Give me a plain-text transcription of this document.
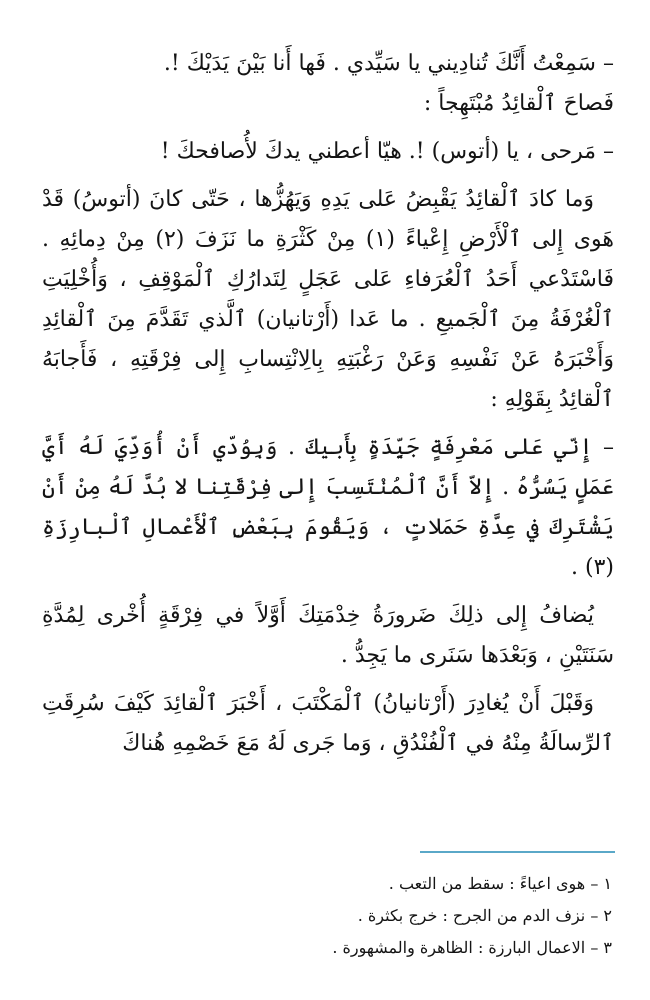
– سَمِعْتُ أَنَّكَ تُنادِيني يا سَيِّدي . فَها أَنا بَيْنَ يَدَيْكَ !.

فَصاحَ ٱلْقائِدُ مُبْتَهِجاً :

– مَرحى ، يا (أتوس) !. هيّا أعطني يدكَ لأُصافحكَ !

وَما كادَ ٱلْقائِدُ يَقْبِضُ عَلى يَدِهِ وَيَهُزُّها ، حَتّى كانَ (أتوسُ) قَدْ هَوى إِلى ٱلْأَرْضِ إِعْياءً (١) مِنْ كَثْرَةِ ما نَزَفَ (٢) مِنْ دِمائِهِ . فَاسْتَدْعي أَحَدُ ٱلْعُرَفاءِ عَلى عَجَلٍ لِتَدارُكِ ٱلْمَوْقِفِ ، وَأُخْلِيَتِ ٱلْغُرْفَةُ مِنَ ٱلْجَميعِ . ما عَدا (أَرْتانيان) ٱلَّذي تَقَدَّمَ مِنَ ٱلْقائِدِ وَأَخْبَرَهُ عَنْ نَفْسِهِ وَعَنْ رَغْبَتِهِ بِالِانْتِسابِ إِلى فِرْقَتِهِ ، فَأَجابَهُ ٱلْقائِدُ بِقَوْلِهِ :

– إِنّي عَلى مَعْرِفَةٍ جَيِّدَةٍ بِأَبيكَ . وَبِوُدّي أَنْ أُوَدِّيَ لَهُ أَيَّ عَمَلٍ يَسُرُّهُ . إِلاّ أَنَّ ٱلْمُنْتَسِبَ إِلى فِرْقَتِنا لا بُدَّ لَهُ مِنْ أَنْ يَشْتَرِكَ في عِدَّةِ حَمَلاتٍ ، وَيَقُومَ بِبَعْضِ ٱلْأَعْمالِ ٱلْبارِزَةِ (٣) .

يُضافُ إِلى ذلِكَ ضَرورَةُ خِدْمَتِكَ أَوَّلاً في فِرْقَةٍ أُخْرى لِمُدَّةِ سَنَتَيْنِ ، وَبَعْدَها سَنَرى ما يَجِدُّ .

وَقَبْلَ أَنْ يُغادِرَ (أَرْتانيانُ) ٱلْمَكْتَبَ ، أَخْبَرَ ٱلْقائِدَ كَيْفَ سُرِقَتِ ٱلرِّسالَةُ مِنْهُ في ٱلْفُنْدُقِ ، وَما جَرى لَهُ مَعَ خَصْمِهِ هُناكَ

١ – هوى اعياءً : سقط من التعب .
٢ – نزف الدم من الجرح : خرج بكثرة .
٣ – الاعمال البارزة : الظاهرة والمشهورة .
